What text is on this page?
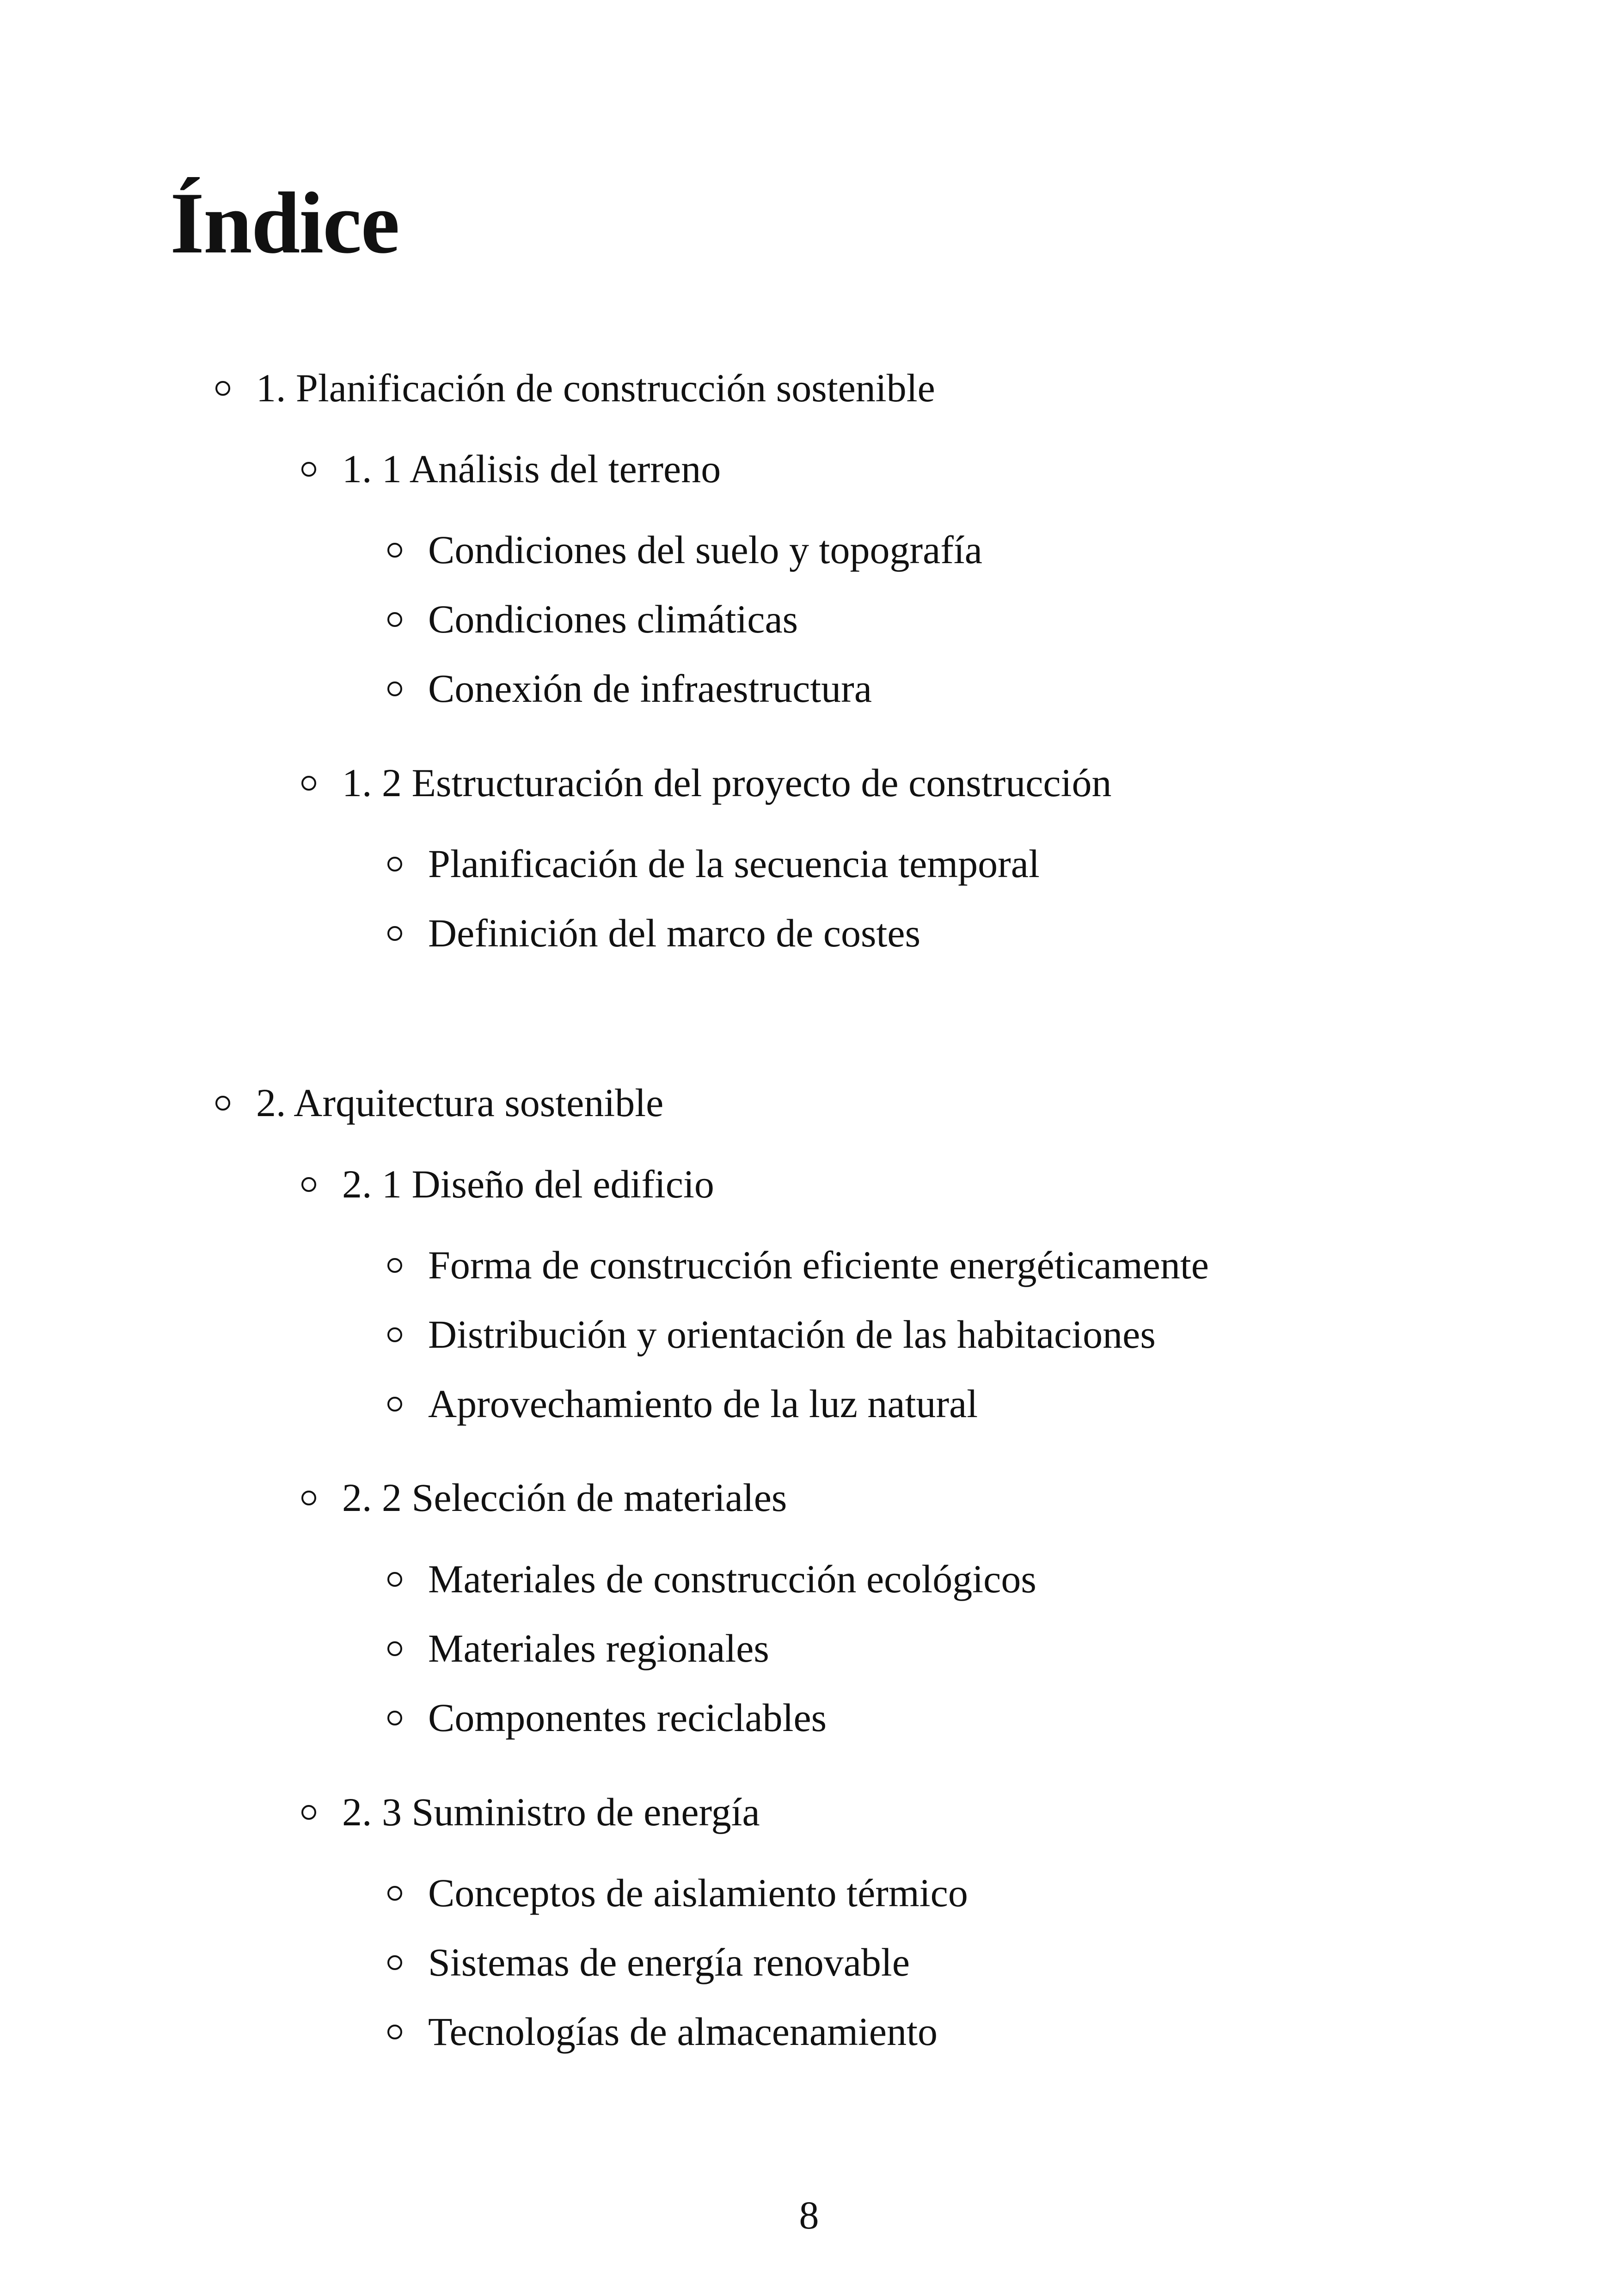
Índice
1. Planificación de construcción sostenible
1. 1 Análisis del terreno
Condiciones del suelo y topografía
Condiciones climáticas
Conexión de infraestructura
1. 2 Estructuración del proyecto de construcción
Planificación de la secuencia temporal
Definición del marco de costes
2. Arquitectura sostenible
2. 1 Diseño del edificio
Forma de construcción eficiente energéticamente
Distribución y orientación de las habitaciones
Aprovechamiento de la luz natural
2. 2 Selección de materiales
Materiales de construcción ecológicos
Materiales regionales
Componentes reciclables
2. 3 Suministro de energía
Conceptos de aislamiento térmico
Sistemas de energía renovable
Tecnologías de almacenamiento
8
